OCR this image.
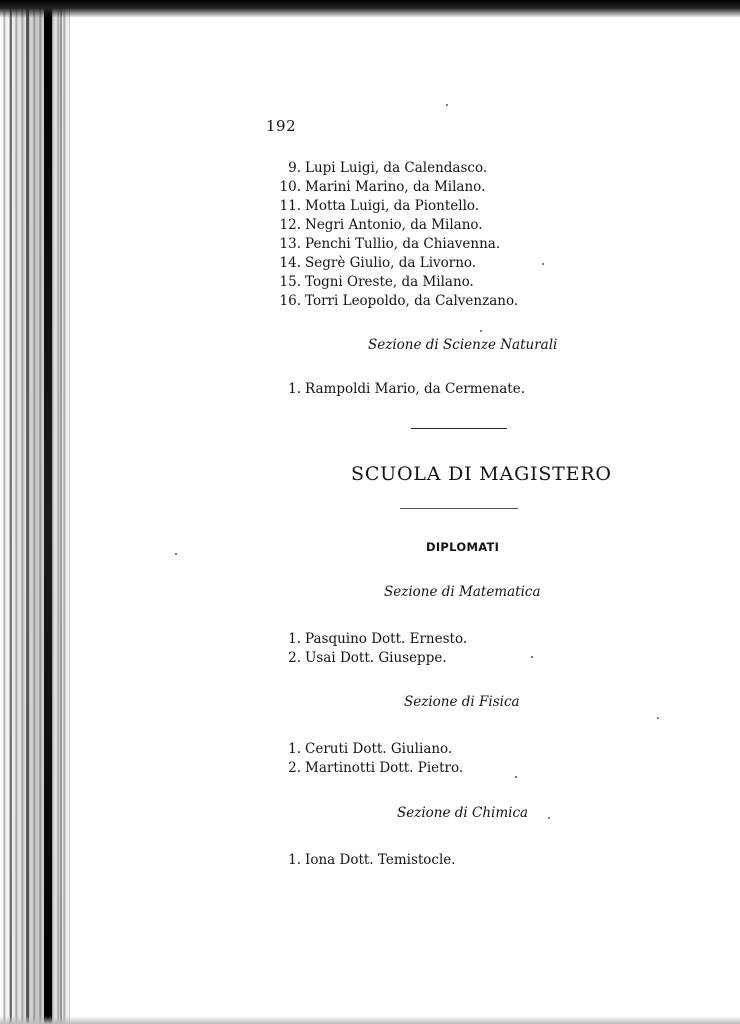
192
9. Lupi Luigi, da Calendasco.
10. Marini Marino, da Milano.
11. Motta Luigi, da Piontello.
12. Negri Antonio, da Milano.
13. Penchi Tullio, da Chiavenna.
14. Segrè Giulio, da Livorno.
15. Togni Oreste, da Milano.
16. Torri Leopoldo, da Calvenzano.
Sezione di Scienze Naturali
1. Rampoldi Mario, da Cermenate.
SCUOLA DI MAGISTERO
DIPLOMATI
Sezione di Matematica
1. Pasquino Dott. Ernesto.
2. Usai Dott. Giuseppe.
Sezione di Fisica
1. Ceruti Dott. Giuliano.
2. Martinotti Dott. Pietro.
Sezione di Chimica
1. Iona Dott. Temistocle.
